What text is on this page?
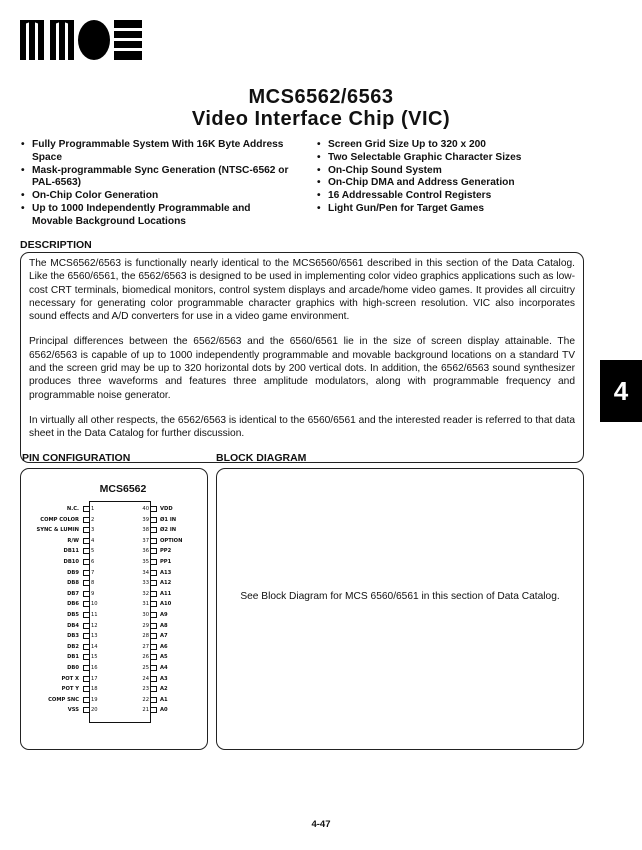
MCS6562/6563
Video Interface Chip (VIC)
• Fully Programmable System With 16K Byte Address Space
• Mask-programmable Sync Generation (NTSC-6562 or PAL-6563)
• On-Chip Color Generation
• Up to 1000 Independently Programmable and Movable Background Locations
• Screen Grid Size Up to 320 x 200
• Two Selectable Graphic Character Sizes
• On-Chip Sound System
• On-Chip DMA and Address Generation
• 16 Addressable Control Registers
• Light Gun/Pen for Target Games
DESCRIPTION

The MCS6562/6563 is functionally nearly identical to the MCS6560/6561 described in this section of the Data Catalog. Like the 6560/6561, the 6562/6563 is designed to be used in implementing color video graphics applications such as low-cost CRT terminals, biomedical monitors, control system displays and arcade/home video games. It provides all circuitry necessary for generating color programmable character graphics with high-screen resolution. VIC also incorporates sound effects and A/D converters for use in a video game environment.

Principal differences between the 6562/6563 and the 6560/6561 lie in the size of screen display attainable. The 6562/6563 is capable of up to 1000 independently programmable and movable background locations on a standard TV and the screen grid may be up to 320 horizontal dots by 200 vertical dots. In addition, the 6562/6563 sound synthesizer produces three waveforms and features three amplitude modulators, along with programmable frequency and programmable noise generator.

In virtually all other respects, the 6562/6563 is identical to the 6560/6561 and the interested reader is referred to that data sheet in the Data Catalog for further discussion.

4
PIN CONFIGURATION	BLOCK DIAGRAM
MCS6562
N.C. 1
COMP COLOR 2
SYNC & LUMIN 3
R/W 4
DB11 5
DB10 6
DB9 7
DB8 8
DB7 9
DB6 10
DB5 11
DB4 12
DB3 13
DB2 14
DB1 15
DB0 16
POT X 17
POT Y 18
COMP SNC 19
VSS 20
VDD
40
Ø1 IN
39
Ø2 IN
38
OPTION
37
PP2
36
PP1
35
A13
34
A12
33
A11
32
A10
31
A9
30
A8
29
A7
28
A6
27
A5
26
A4
25
A3
24
A2
23
A1
22
A0
21
See Block Diagram for MCS 6560/6561 in this section of Data Catalog.
4-47
